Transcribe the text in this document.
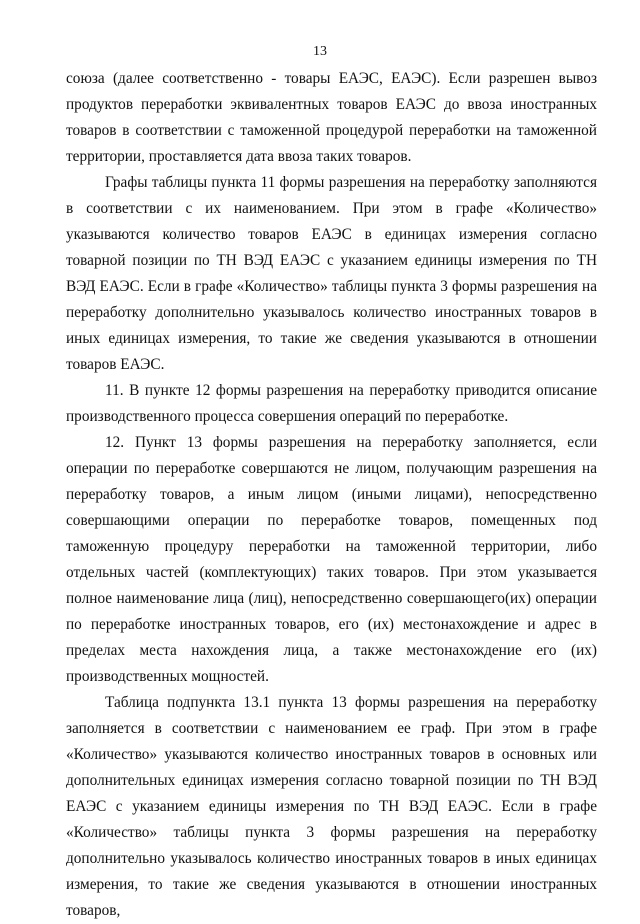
13

союза (далее соответственно - товары ЕАЭС, ЕАЭС). Если разрешен вывоз продуктов переработки эквивалентных товаров ЕАЭС до ввоза иностранных товаров в соответствии с таможенной процедурой переработки на таможенной территории, проставляется дата ввоза таких товаров.

Графы таблицы пункта 11 формы разрешения на переработку заполняются в соответствии с их наименованием. При этом в графе «Количество» указываются количество товаров ЕАЭС в единицах измерения согласно товарной позиции по ТН ВЭД ЕАЭС с указанием единицы измерения по ТН ВЭД ЕАЭС. Если в графе «Количество» таблицы пункта 3 формы разрешения на переработку дополнительно указывалось количество иностранных товаров в иных единицах измерения, то такие же сведения указываются в отношении товаров ЕАЭС.

11. В пункте 12 формы разрешения на переработку приводится описание производственного процесса совершения операций по переработке.

12. Пункт 13 формы разрешения на переработку заполняется, если операции по переработке совершаются не лицом, получающим разрешения на переработку товаров, а иным лицом (иными лицами), непосредственно совершающими операции по переработке товаров, помещенных под таможенную процедуру переработки на таможенной территории, либо отдельных частей (комплектующих) таких товаров. При этом указывается полное наименование лица (лиц), непосредственно совершающего(их) операции по переработке иностранных товаров, его (их) местонахождение и адрес в пределах места нахождения лица, а также местонахождение его (их) производственных мощностей.

Таблица подпункта 13.1 пункта 13 формы разрешения на переработку заполняется в соответствии с наименованием ее граф. При этом в графе «Количество» указываются количество иностранных товаров в основных или дополнительных единицах измерения согласно товарной позиции по ТН ВЭД ЕАЭС с указанием единицы измерения по ТН ВЭД ЕАЭС. Если в графе «Количество» таблицы пункта 3 формы разрешения на переработку дополнительно указывалось количество иностранных товаров в иных единицах измерения, то такие же сведения указываются в отношении иностранных товаров,
